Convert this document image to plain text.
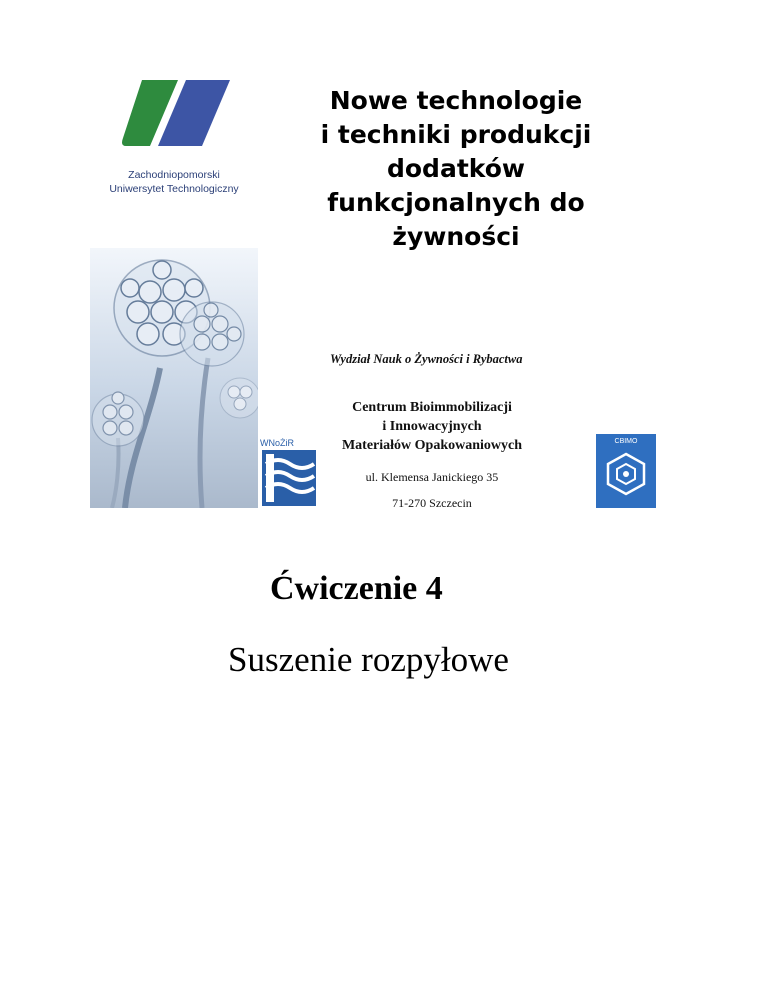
Zachodniopomorski
Uniwersytet Technologiczny
Nowe technologie
i techniki produkcji
dodatków
funkcjonalnych do
żywności
Wydział Nauk o Żywności i Rybactwa
Centrum Bioimmobilizacji
i Innowacyjnych
Materiałów Opakowaniowych
ul. Klemensa Janickiego 35
71-270 Szczecin
WNoŻiR	CBIMO
Ćwiczenie 4
Suszenie rozpyłowe
